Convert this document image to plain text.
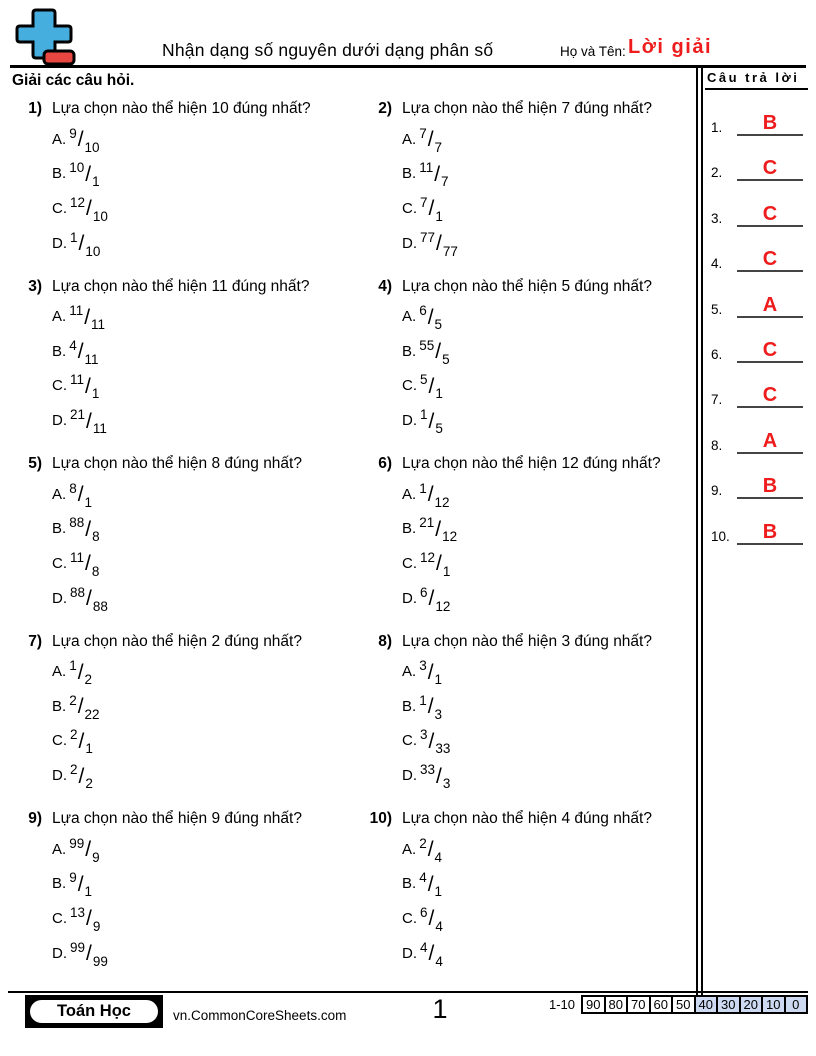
Nhận dạng số nguyên dưới dạng phân số	Họ và Tên: Lời giải
Giải các câu hỏi.
1) Lựa chọn nào thể hiện 10 đúng nhất?
A. 9
/
10
B. 10
/
1
C. 12
/
10
D. 1
/
10
2) Lựa chọn nào thể hiện 7 đúng nhất?
A. 7
/
7
B. 11
/
7
C. 7
/
1
D. 77
/
77
3) Lựa chọn nào thể hiện 11 đúng nhất?
A. 11
/
11
B. 4
/
11
C. 11
/
1
D. 21
/
11
4) Lựa chọn nào thể hiện 5 đúng nhất?
A. 6
/
5
B. 55
/
5
C. 5
/
1
D. 1
/
5
5) Lựa chọn nào thể hiện 8 đúng nhất?
A. 8
/
1
B. 88
/
8
C. 11
/
8
D. 88
/
88
6) Lựa chọn nào thể hiện 12 đúng nhất?
A. 1
/
12
B. 21
/
12
C. 12
/
1
D. 6
/
12
7) Lựa chọn nào thể hiện 2 đúng nhất?
A. 1
/
2
B. 2
/
22
C. 2
/
1
D. 2
/
2
8) Lựa chọn nào thể hiện 3 đúng nhất?
A. 3
/
1
B. 1
/
3
C. 3
/
33
D. 33
/
3
9) Lựa chọn nào thể hiện 9 đúng nhất?
A. 99
/
9
B. 9
/
1
C. 13
/
9
D. 99
/
99
10) Lựa chọn nào thể hiện 4 đúng nhất?
A. 2
/
4
B. 4
/
1
C. 6
/
4
D. 4
/
4
Câu trả lời
1.	B
2.	C
3.	C
4.	C
5.	A
6.	C
7.	C
8.	A
9.	B
10.	B
Toán Học	vn.CommonCoreSheets.com	1	1-10 90 80 70 60 50 40 30 20 10 0
